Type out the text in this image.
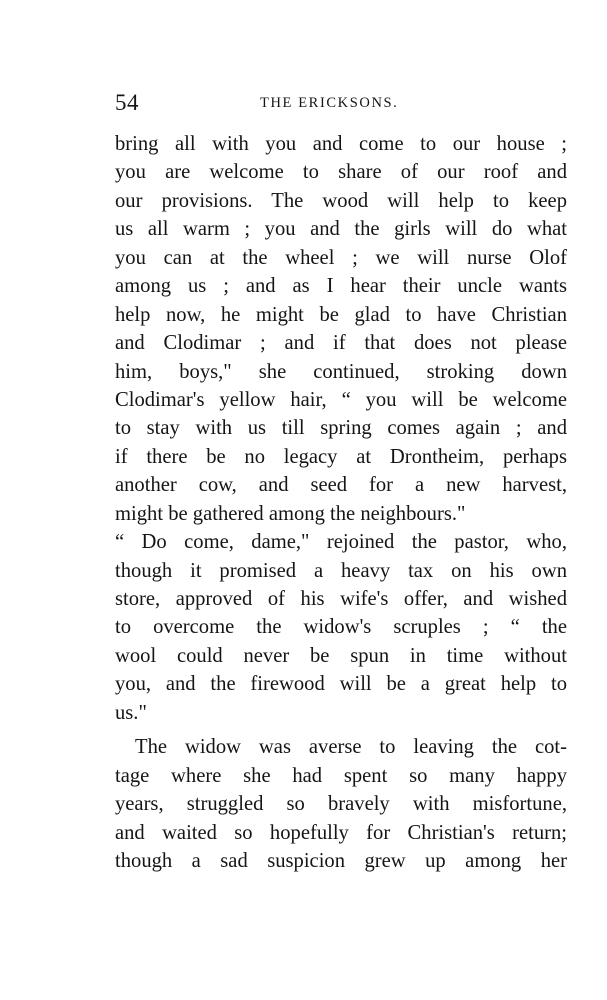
54	THE ERICKSONS.
bring all with you and come to our house ;
you are welcome to share of our roof and
our provisions. The wood will help to keep
us all warm ; you and the girls will do what
you can at the wheel ; we will nurse Olof
among us ; and as I hear their uncle wants
help now, he might be glad to have Christian
and Clodimar ; and if that does not please
him, boys," she continued, stroking down
Clodimar's yellow hair, “ you will be welcome
to stay with us till spring comes again ; and
if there be no legacy at Drontheim, perhaps
another cow, and seed for a new harvest,
might be gathered among the neighbours."
“ Do come, dame," rejoined the pastor, who,
though it promised a heavy tax on his own
store, approved of his wife's offer, and wished
to overcome the widow's scruples ; “ the
wool could never be spun in time without
you, and the firewood will be a great help to
us."
The widow was averse to leaving the cot-
tage where she had spent so many happy
years, struggled so bravely with misfortune,
and waited so hopefully for Christian's return;
though a sad suspicion grew up among her
